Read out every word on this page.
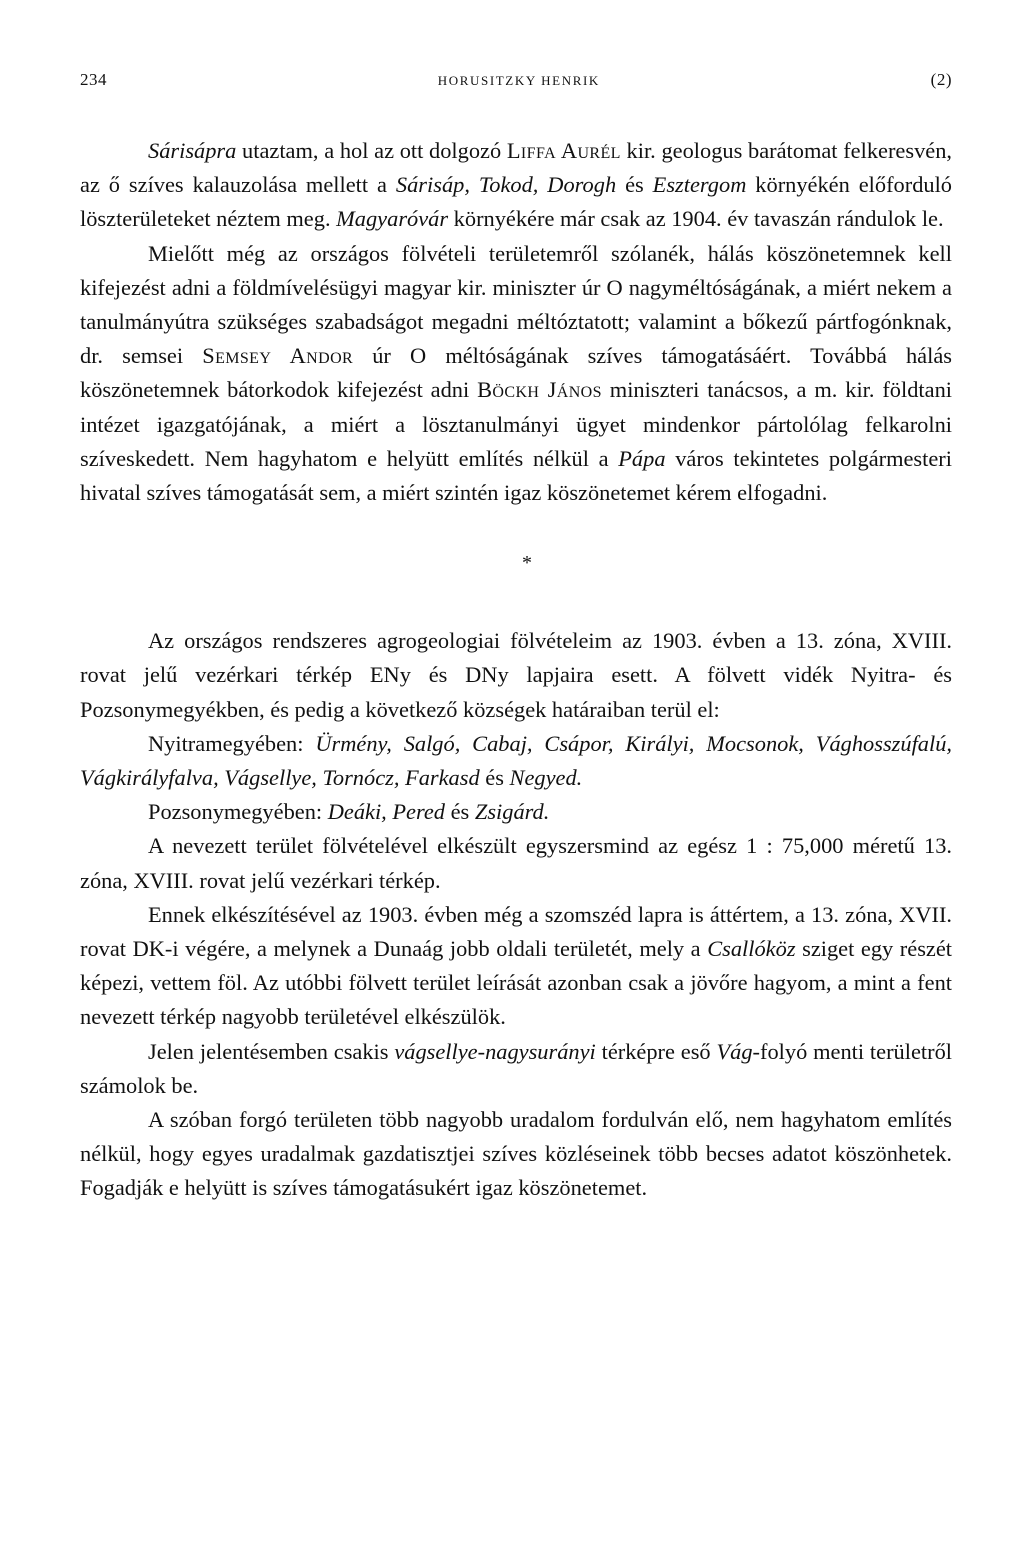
234	HORUSITZKY HENRIK	(2)

Sárisápra utaztam, a hol az ott dolgozó Liffa Aurél kir. geologus barátomat felkeresvén, az ő szíves kalauzolása mellett a Sárisáp, Tokod, Dorogh és Esztergom környékén előforduló löszterületeket néztem meg. Magyaróvár környékére már csak az 1904. év tavaszán rándulok le.

Mielőtt még az országos fölvételi területemről szólanék, hálás köszönetemnek kell kifejezést adni a földmívelésügyi magyar kir. miniszter úr O nagyméltóságának, a miért nekem a tanulmányútra szükséges szabadságot megadni méltóztatott; valamint a bőkezű pártfogónknak, dr. semsei Semsey Andor úr O méltóságának szíves támogatásáért. Továbbá hálás köszönetemnek bátorkodok kifejezést adni Böckh János miniszteri tanácsos, a m. kir. földtani intézet igazgatójának, a miért a lösztanulmányi ügyet mindenkor pártolólag felkarolni szíveskedett. Nem hagyhatom e helyütt említés nélkül a Pápa város tekintetes polgármesteri hivatal szíves támogatását sem, a miért szintén igaz köszönetemet kérem elfogadni.

*

Az országos rendszeres agrogeologiai fölvételeim az 1903. évben a 13. zóna, XVIII. rovat jelű vezérkari térkép ENy és DNy lapjaira esett. A fölvett vidék Nyitra- és Pozsonymegyékben, és pedig a következő községek határaiban terül el:

Nyitramegyében: Ürmény, Salgó, Cabaj, Csápor, Királyi, Mocsonok, Vághosszúfalú, Vágkirályfalva, Vágsellye, Tornócz, Farkasd és Negyed.

Pozsonymegyében: Deáki, Pered és Zsigárd.

A nevezett terület fölvételével elkészült egyszersmind az egész 1 : 75,000 méretű 13. zóna, XVIII. rovat jelű vezérkari térkép.

Ennek elkészítésével az 1903. évben még a szomszéd lapra is áttértem, a 13. zóna, XVII. rovat DK-i végére, a melynek a Dunaág jobb oldali területét, mely a Csallóköz sziget egy részét képezi, vettem föl. Az utóbbi fölvett terület leírását azonban csak a jövőre hagyom, a mint a fent nevezett térkép nagyobb területével elkészülök.

Jelen jelentésemben csakis vágsellye-nagysurányi térképre eső Vág-folyó menti területről számolok be.

A szóban forgó területen több nagyobb uradalom fordulván elő, nem hagyhatom említés nélkül, hogy egyes uradalmak gazdatisztjei szíves közléseinek több becses adatot köszönhetek. Fogadják e helyütt is szíves támogatásukért igaz köszönetemet.
